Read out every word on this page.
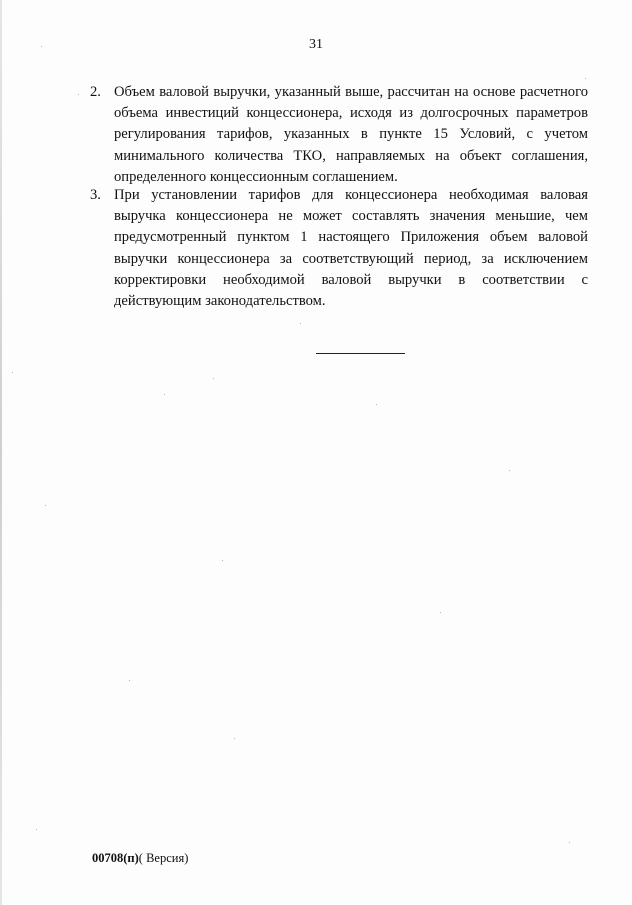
31
2. Объем валовой выручки, указанный выше, рассчитан на основе расчетного объема инвестиций концессионера, исходя из долгосрочных параметров регулирования тарифов, указанных в пункте 15 Условий, с учетом минимального количества ТКО, направляемых на объект соглашения, определенного концессионным соглашением.
3. При установлении тарифов для концессионера необходимая валовая выручка концессионера не может составлять значения меньшие, чем предусмотренный пунктом 1 настоящего Приложения объем валовой выручки концессионера за соответствующий период, за исключением корректировки необходимой валовой выручки в соответствии с действующим законодательством.
00708(п)( Версия)
